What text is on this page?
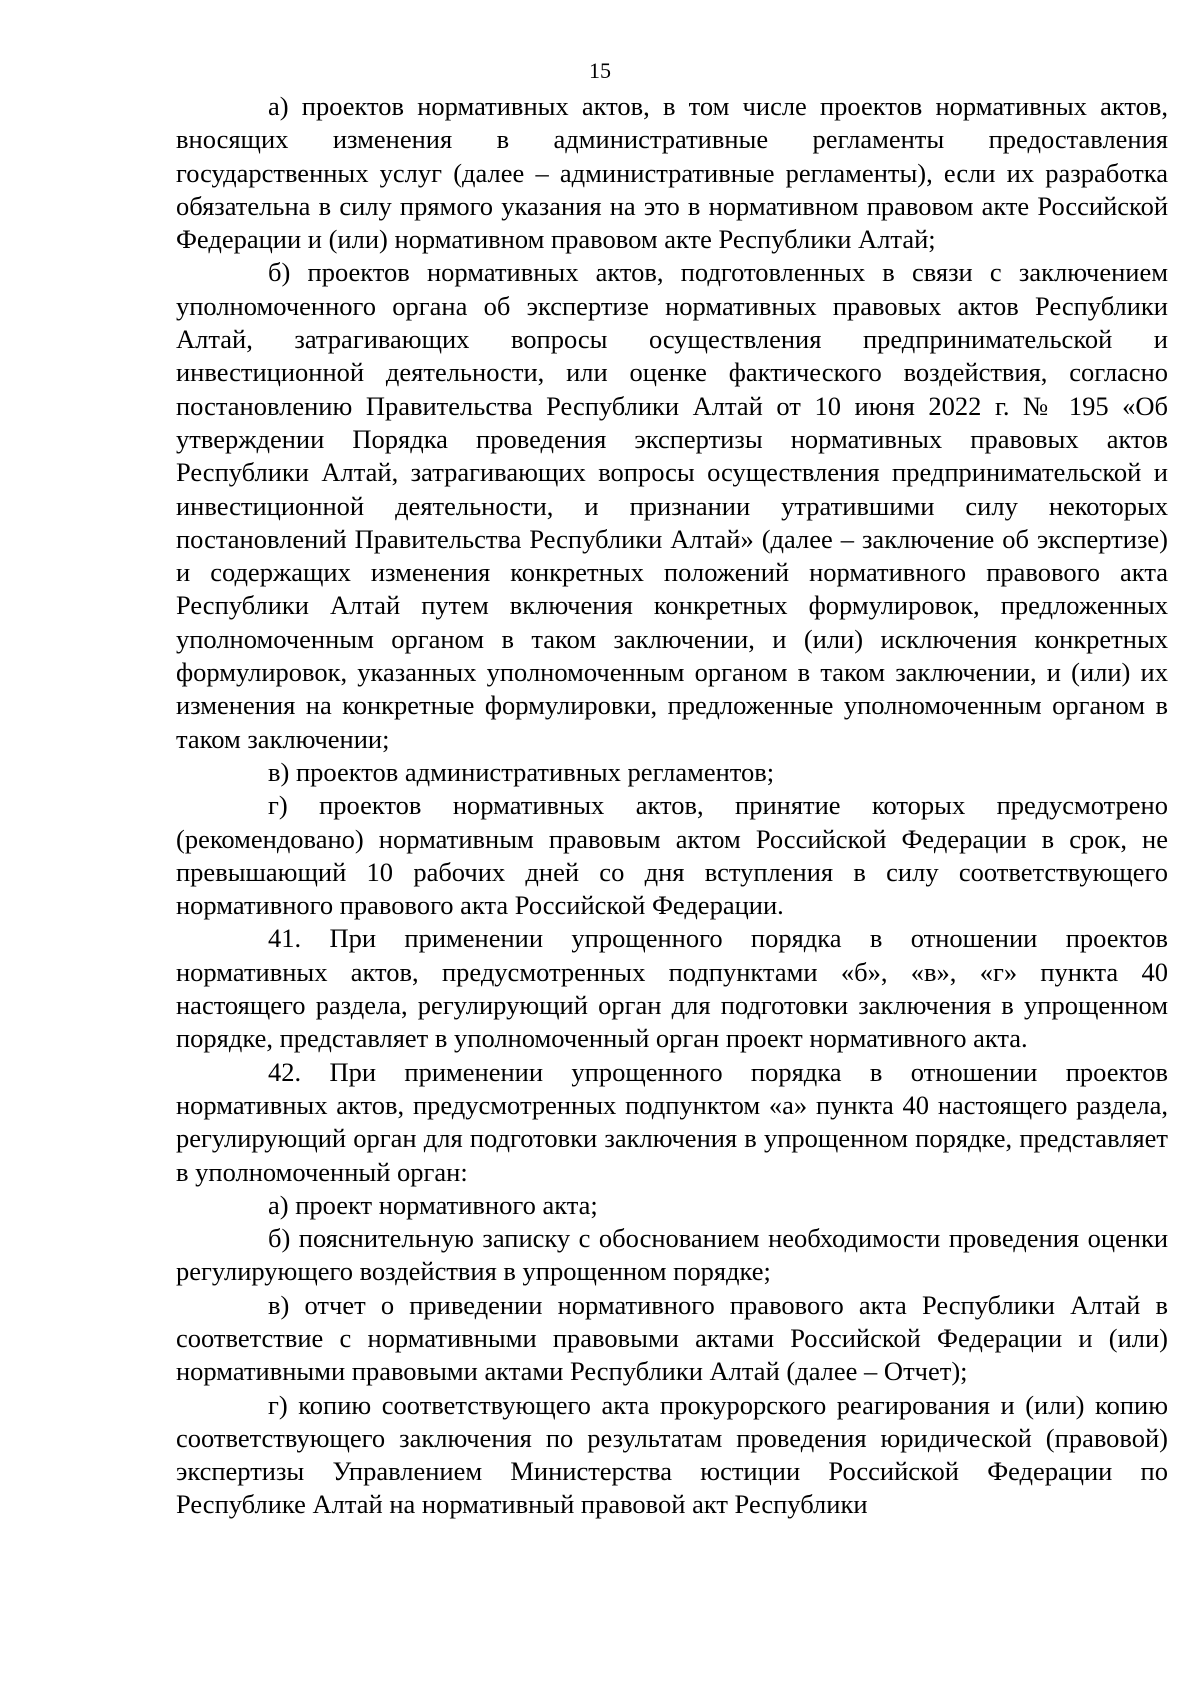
15

а) проектов нормативных актов, в том числе проектов нормативных актов, вносящих изменения в административные регламенты предоставления государственных услуг (далее – административные регламенты), если их разработка обязательна в силу прямого указания на это в нормативном правовом акте Российской Федерации и (или) нормативном правовом акте Республики Алтай;

б) проектов нормативных актов, подготовленных в связи с заключением уполномоченного органа об экспертизе нормативных правовых актов Республики Алтай, затрагивающих вопросы осуществления предпринимательской и инвестиционной деятельности, или оценке фактического воздействия, согласно постановлению Правительства Республики Алтай от 10 июня 2022 г. № 195 «Об утверждении Порядка проведения экспертизы нормативных правовых актов Республики Алтай, затрагивающих вопросы осуществления предпринимательской и инвестиционной деятельности, и признании утратившими силу некоторых постановлений Правительства Республики Алтай» (далее – заключение об экспертизе) и содержащих изменения конкретных положений нормативного правового акта Республики Алтай путем включения конкретных формулировок, предложенных уполномоченным органом в таком заключении, и (или) исключения конкретных формулировок, указанных уполномоченным органом в таком заключении, и (или) их изменения на конкретные формулировки, предложенные уполномоченным органом в таком заключении;

в) проектов административных регламентов;

г) проектов нормативных актов, принятие которых предусмотрено (рекомендовано) нормативным правовым актом Российской Федерации в срок, не превышающий 10 рабочих дней со дня вступления в силу соответствующего нормативного правового акта Российской Федерации.

41. При применении упрощенного порядка в отношении проектов нормативных актов, предусмотренных подпунктами «б», «в», «г» пункта 40 настоящего раздела, регулирующий орган для подготовки заключения в упрощенном порядке, представляет в уполномоченный орган проект нормативного акта.

42. При применении упрощенного порядка в отношении проектов нормативных актов, предусмотренных подпунктом «а» пункта 40 настоящего раздела, регулирующий орган для подготовки заключения в упрощенном порядке, представляет в уполномоченный орган:

а) проект нормативного акта;

б) пояснительную записку с обоснованием необходимости проведения оценки регулирующего воздействия в упрощенном порядке;

в) отчет о приведении нормативного правового акта Республики Алтай в соответствие с нормативными правовыми актами Российской Федерации и (или) нормативными правовыми актами Республики Алтай (далее – Отчет);

г) копию соответствующего акта прокурорского реагирования и (или) копию соответствующего заключения по результатам проведения юридической (правовой) экспертизы Управлением Министерства юстиции Российской Федерации по Республике Алтай на нормативный правовой акт Республики
